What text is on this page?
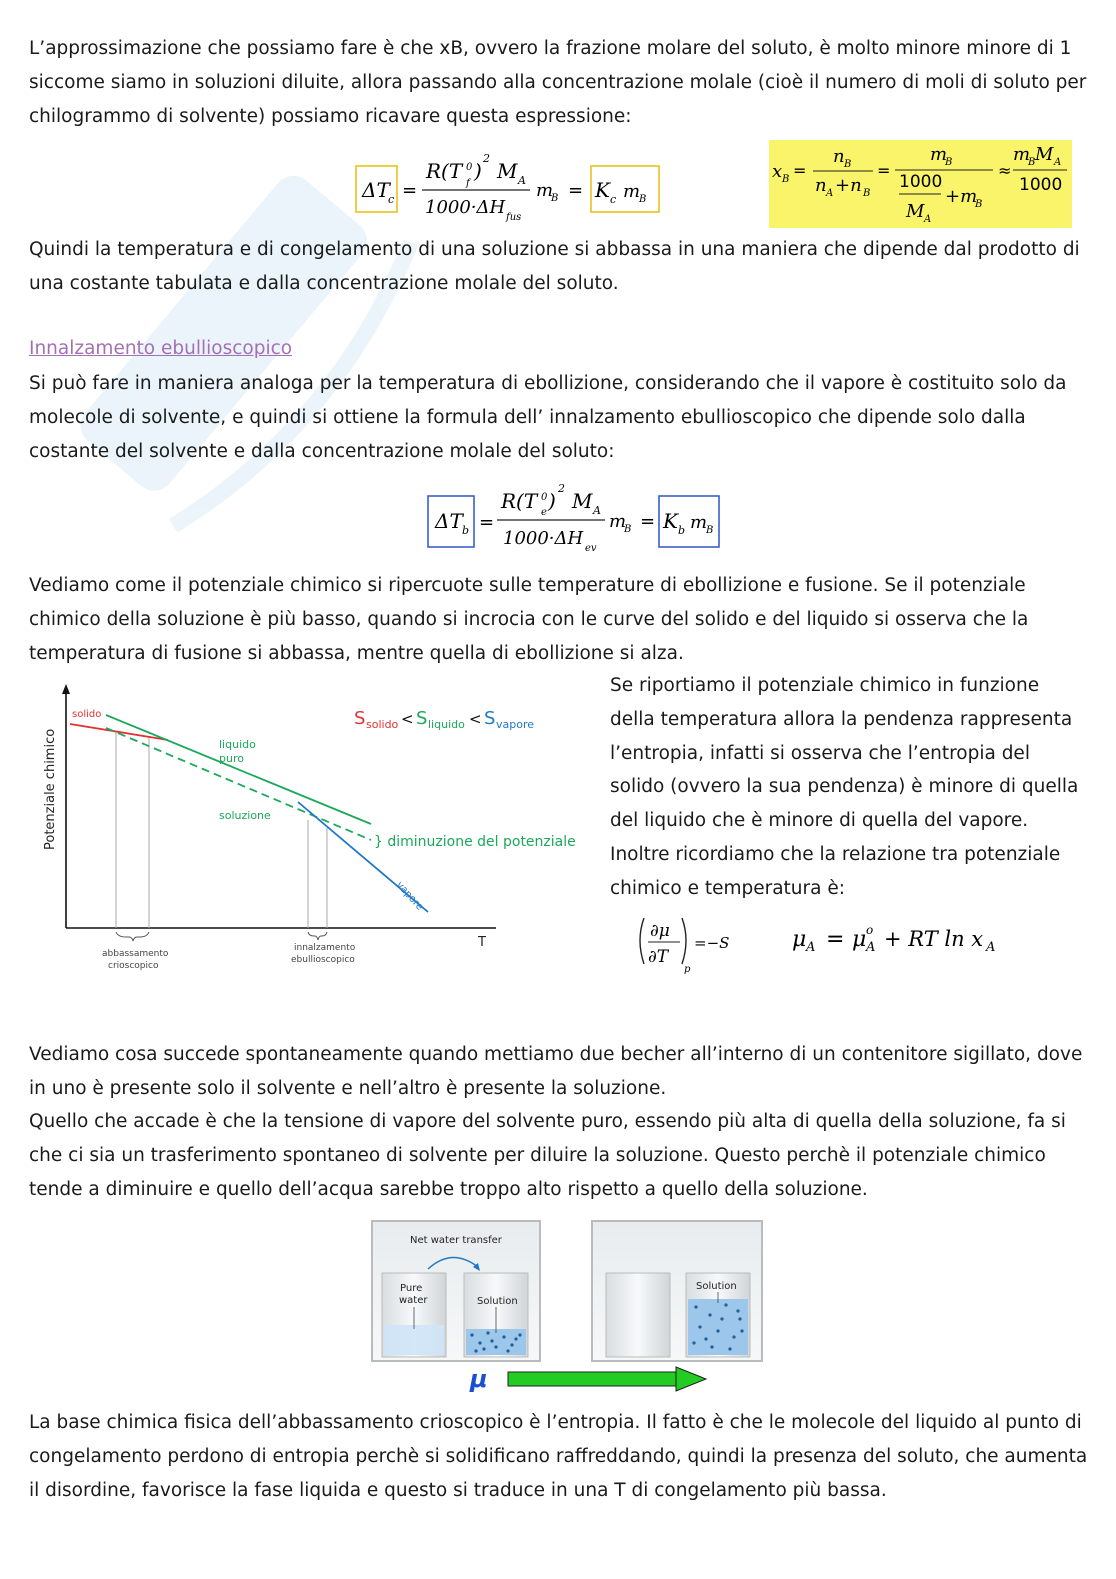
L’approssimazione che possiamo fare è che xB, ovvero la frazione molare del soluto, è molto minore minore di 1 siccome siamo in soluzioni diluite, allora passando alla concentrazione molale (cioè il numero di moli di soluto per chilogrammo di solvente) possiamo ricavare questa espressione:

ΔT
c =
R(T 0
f
)
2
M A
1000·ΔH fus
m
B = K c m
B
x B =
n B
n A +n B
=
m
B
1000
M A
+m
B
≈
m
B M A
1000

Quindi la temperatura e di congelamento di una soluzione si abbassa in una maniera che dipende dal prodotto di una costante tabulata e dalla concentrazione molale del soluto.

Innalzamento ebullioscopico

Si può fare in maniera analoga per la temperatura di ebollizione, considerando che il vapore è costituito solo da molecole di solvente, e quindi si ottiene la formula dell’ innalzamento ebullioscopico che dipende solo dalla costante del solvente e dalla concentrazione molale del soluto:

ΔT b =
R(T 0
e )
2
M A
1000·ΔH ev
m
B = K b m
B

Vediamo come il potenziale chimico si ripercuote sulle temperature di ebollizione e fusione. Se il potenziale chimico della soluzione è più basso, quando si incrocia con le curve del solido e del liquido si osserva che la temperatura di fusione si abbassa, mentre quella di ebollizione si alza.

T
Potenziale chimico
solido
liquido
puro
soluzione
vapore
S solido < S liquido < S vapore
} diminuzione del potenziale
abbassamento
crioscopico
innalzamento
ebullioscopico

Se riportiamo il potenziale chimico in funzione della temperatura allora la pendenza rappresenta l’entropia, infatti si osserva che l’entropia del solido (ovvero la sua pendenza) è minore di quella del liquido che è minore di quella del vapore. Inoltre ricordiamo che la relazione tra potenziale chimico e temperatura è:

∂μ
∂T
p
=−S	μ A = μ o
A + RT ln x A

Vediamo cosa succede spontaneamente quando mettiamo due becher all’interno di un contenitore sigillato, dove in uno è presente solo il solvente e nell’altro è presente la soluzione.

Quello che accade è che la tensione di vapore del solvente puro, essendo più alta di quella della soluzione, fa si che ci sia un trasferimento spontaneo di solvente per diluire la soluzione. Questo perchè il potenziale chimico tende a diminuire e quello dell’acqua sarebbe troppo alto rispetto a quello della soluzione.

Net water transfer
Pure
water	Solution
Solution
μ

La base chimica fisica dell’abbassamento crioscopico è l’entropia. Il fatto è che le molecole del liquido al punto di congelamento perdono di entropia perchè si solidificano raffreddando, quindi la presenza del soluto, che aumenta il disordine, favorisce la fase liquida e questo si traduce in una T di congelamento più bassa.
